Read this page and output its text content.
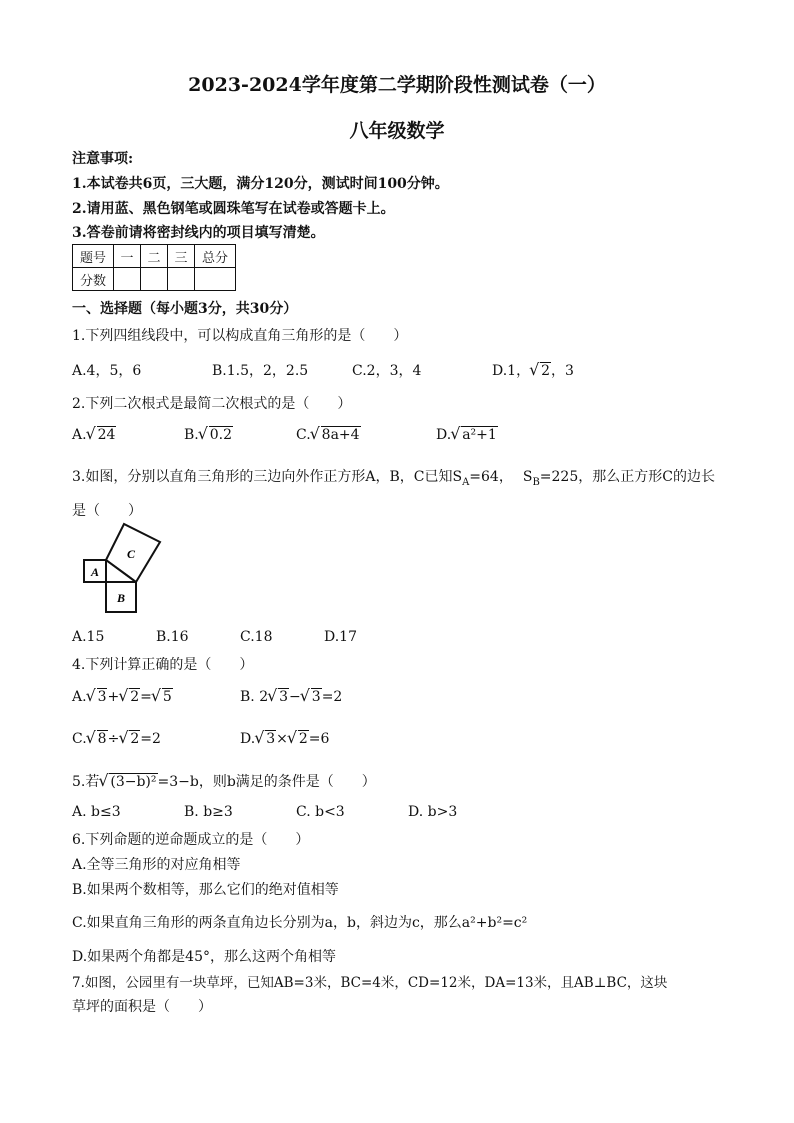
2023-2024学年度第二学期阶段性测试卷（一）
八年级数学
注意事项:
1.本试卷共6页，三大题，满分120分，测试时间100分钟。
2.请用蓝、黑色钢笔或圆珠笔写在试卷或答题卡上。
3.答卷前请将密封线内的项目填写清楚。
题号	一	二	三	总分
分数				
一、选择题（每小题3分，共30分）
1.下列四组线段中，可以构成直角三角形的是（　　）
A.4，5，6	B.1.5，2，2.5	C.2，3，4	D.1， √ 2，3
2.下列二次根式是最简二次根式的是（　　）
A. √ 24	B. √ 0.2	C. √ 8a+4	D. √ a²+1
3.如图，分别以直角三角形的三边向外作正方形A，B，C已知$S_A=64$， $S_B=225$，那么正方形C的边长
是（　　）
A
B
C
A.15	B.16	C.18	D.17
4.下列计算正确的是（　　）
A. √ 3+ √ 2= √ 5	B. 2 √ 3− √ 3=2
C. √ 8÷ √ 2=2	D. √ 3× √ 2=6
5.若 √ (3−b)²=3−b，则b满足的条件是（　　）
A. b≤3	B. b≥3	C. b<3	D. b>3
6.下列命题的逆命题成立的是（　　）
A.全等三角形的对应角相等
B.如果两个数相等，那么它们的绝对值相等
C.如果直角三角形的两条直角边长分别为a，b，斜边为c，那么a²+b²=c²
D.如果两个角都是45°，那么这两个角相等
7.如图，公园里有一块草坪，已知AB=3米，BC=4米，CD=12米，DA=13米，且AB⊥BC，这块
草坪的面积是（　　）
